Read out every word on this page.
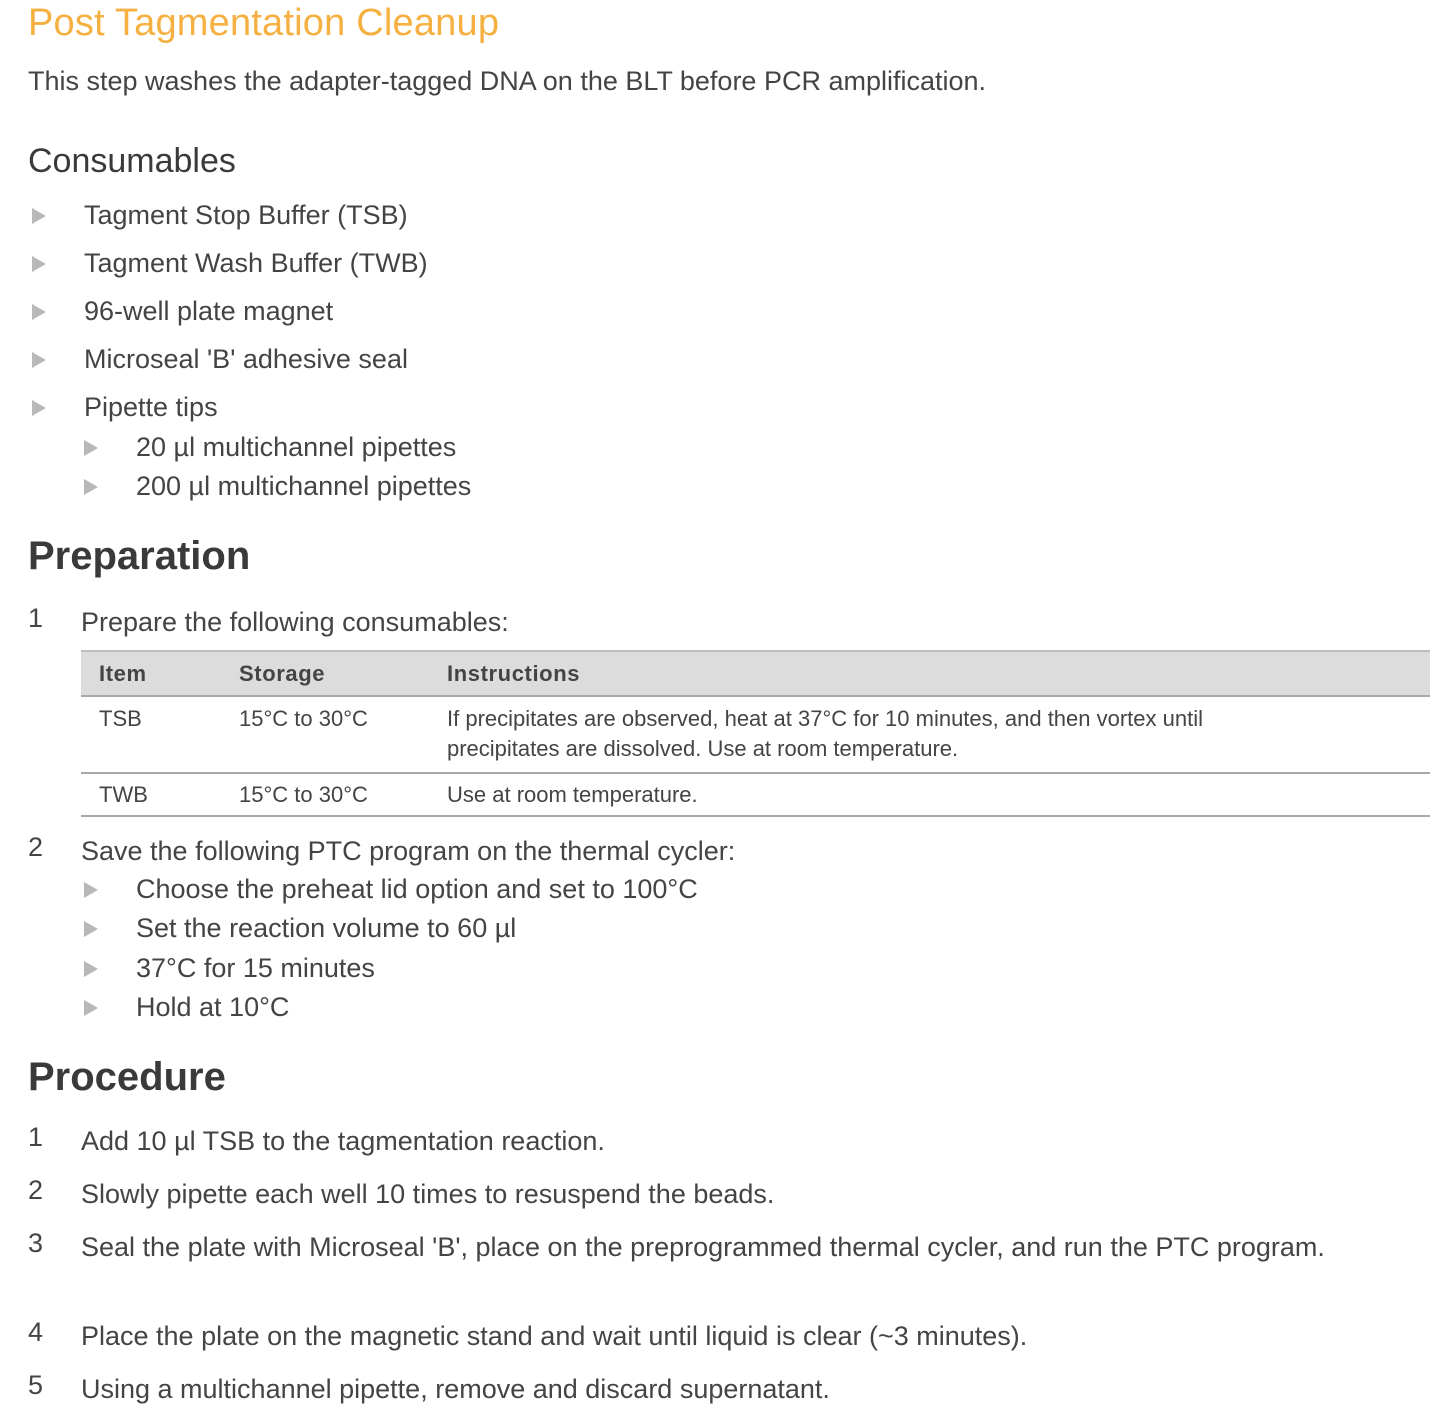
Post Tagmentation Cleanup
This step washes the adapter-tagged DNA on the BLT before PCR amplification.
Consumables
Tagment Stop Buffer (TSB)
Tagment Wash Buffer (TWB)
96-well plate magnet
Microseal 'B' adhesive seal
Pipette tips
20 µl multichannel pipettes
200 µl multichannel pipettes
Preparation
1	Prepare the following consumables:
Item	Storage	Instructions
TSB	15°C to 30°C	If precipitates are observed, heat at 37°C for 10 minutes, and then vortex until precipitates are dissolved. Use at room temperature.
TWB	15°C to 30°C	Use at room temperature.
2	Save the following PTC program on the thermal cycler:
Choose the preheat lid option and set to 100°C
Set the reaction volume to 60 µl
37°C for 15 minutes
Hold at 10°C
Procedure
1	Add 10 µl TSB to the tagmentation reaction.
2	Slowly pipette each well 10 times to resuspend the beads.
3	Seal the plate with Microseal 'B', place on the preprogrammed thermal cycler, and run the PTC program.
4	Place the plate on the magnetic stand and wait until liquid is clear (~3 minutes).
5	Using a multichannel pipette, remove and discard supernatant.
